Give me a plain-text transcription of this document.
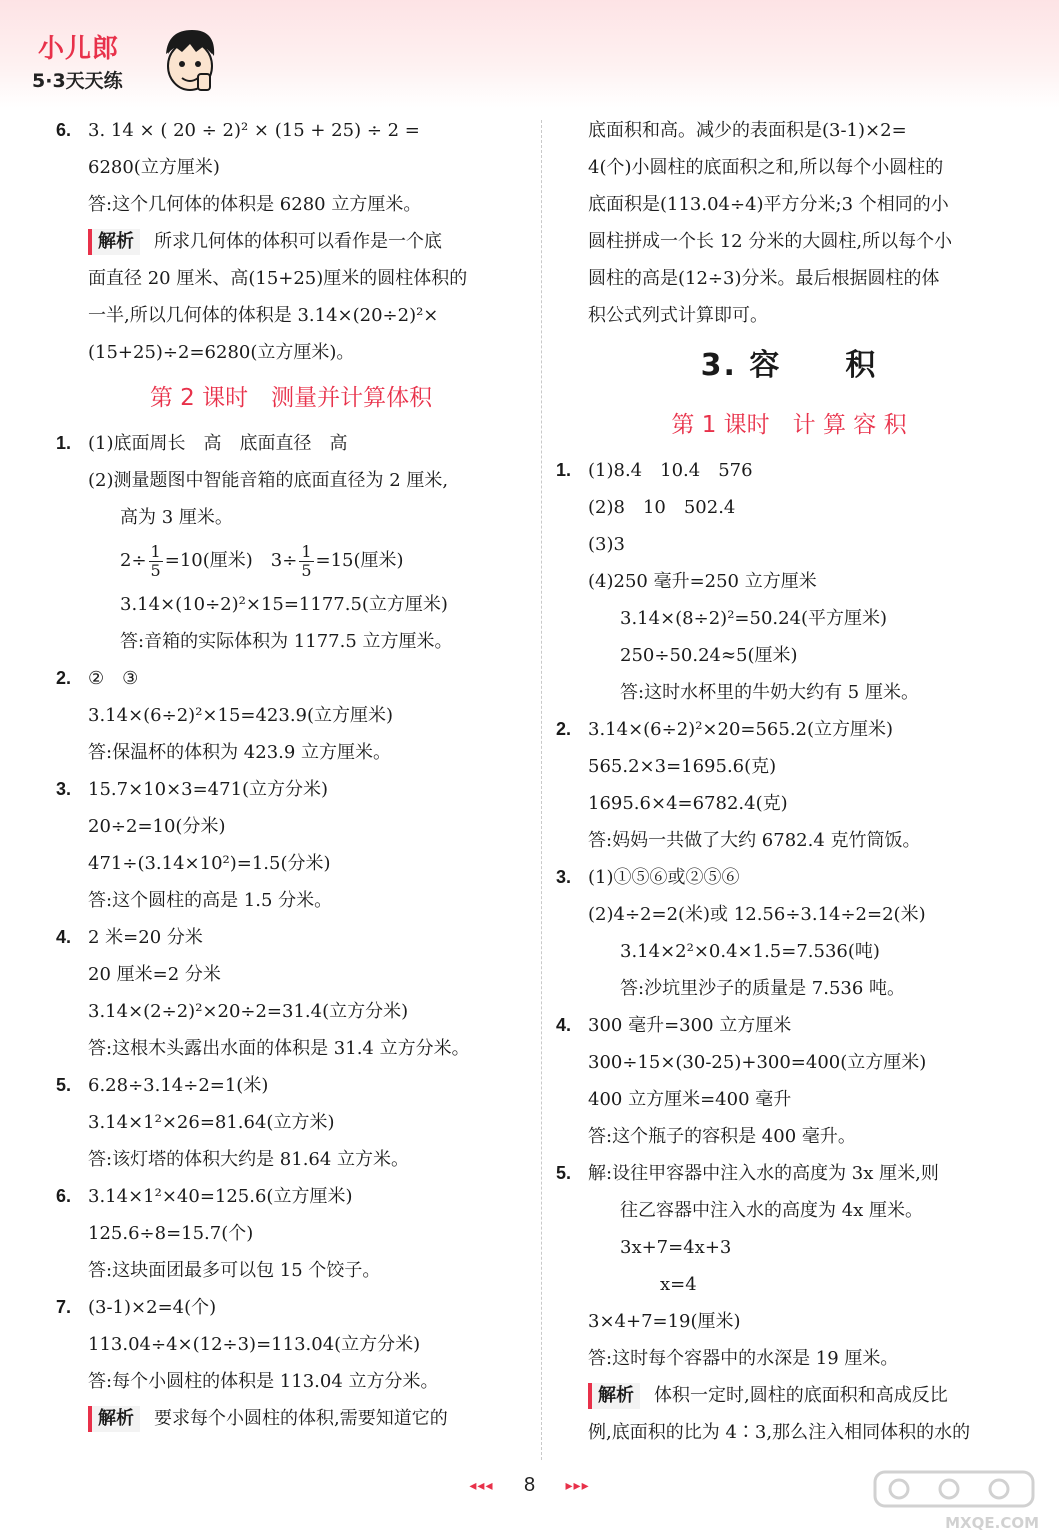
小儿郎
5·3天天练
6. 3. 14 × ( 20 ÷ 2)² × (15 + 25) ÷ 2 =
6280(立方厘米)
答:这个几何体的体积是 6280 立方厘米。
解析 所求几何体的体积可以看作是一个底
面直径 20 厘米、高(15+25)厘米的圆柱体积的
一半,所以几何体的体积是 3.14×(20÷2)²×
(15+25)÷2=6280(立方厘米)。
第 2 课时　测量并计算体积
1. (1)底面周长　高　底面直径　高
(2)测量题图中智能音箱的底面直径为 2 厘米,
高为 3 厘米。
$2\div \frac{1}{5} =10$(厘米)　$3\div \frac{1}{5} =15$(厘米)
3.14×(10÷2)²×15=1177.5(立方厘米)
答:音箱的实际体积为 1177.5 立方厘米。
2. ②　③
3.14×(6÷2)²×15=423.9(立方厘米)
答:保温杯的体积为 423.9 立方厘米。
3. 15.7×10×3=471(立方分米)
20÷2=10(分米)
471÷(3.14×10²)=1.5(分米)
答:这个圆柱的高是 1.5 分米。
4. 2 米=20 分米
20 厘米=2 分米
3.14×(2÷2)²×20÷2=31.4(立方分米)
答:这根木头露出水面的体积是 31.4 立方分米。
5. 6.28÷3.14÷2=1(米)
3.14×1²×26=81.64(立方米)
答:该灯塔的体积大约是 81.64 立方米。
6. 3.14×1²×40=125.6(立方厘米)
125.6÷8=15.7(个)
答:这块面团最多可以包 15 个饺子。
7. (3-1)×2=4(个)
113.04÷4×(12÷3)=113.04(立方分米)
答:每个小圆柱的体积是 113.04 立方分米。
解析 要求每个小圆柱的体积,需要知道它的
底面积和高。减少的表面积是(3-1)×2=
4(个)小圆柱的底面积之和,所以每个小圆柱的
底面积是(113.04÷4)平方分米;3 个相同的小
圆柱拼成一个长 12 分米的大圆柱,所以每个小
圆柱的高是(12÷3)分米。最后根据圆柱的体
积公式列式计算即可。
3. 容　　积
第 1 课时　计 算 容 积
1. (1)8.4　10.4　576
(2)8　10　502.4
(3)3
(4)250 毫升=250 立方厘米
3.14×(8÷2)²=50.24(平方厘米)
250÷50.24≈5(厘米)
答:这时水杯里的牛奶大约有 5 厘米。
2. 3.14×(6÷2)²×20=565.2(立方厘米)
565.2×3=1695.6(克)
1695.6×4=6782.4(克)
答:妈妈一共做了大约 6782.4 克竹筒饭。
3. (1)①⑤⑥或②⑤⑥
(2)4÷2=2(米)或 12.56÷3.14÷2=2(米)
3.14×2²×0.4×1.5=7.536(吨)
答:沙坑里沙子的质量是 7.536 吨。
4. 300 毫升=300 立方厘米
300÷15×(30-25)+300=400(立方厘米)
400 立方厘米=400 毫升
答:这个瓶子的容积是 400 毫升。
5. 解:设往甲容器中注入水的高度为 3x 厘米,则
往乙容器中注入水的高度为 4x 厘米。
3x+7=4x+3
x=4
3×4+7=19(厘米)
答:这时每个容器中的水深是 19 厘米。
解析 体积一定时,圆柱的底面积和高成反比
例,底面积的比为 4∶3,那么注入相同体积的水的
◂◂◂ 8 ▸▸▸
MXQE.COM
